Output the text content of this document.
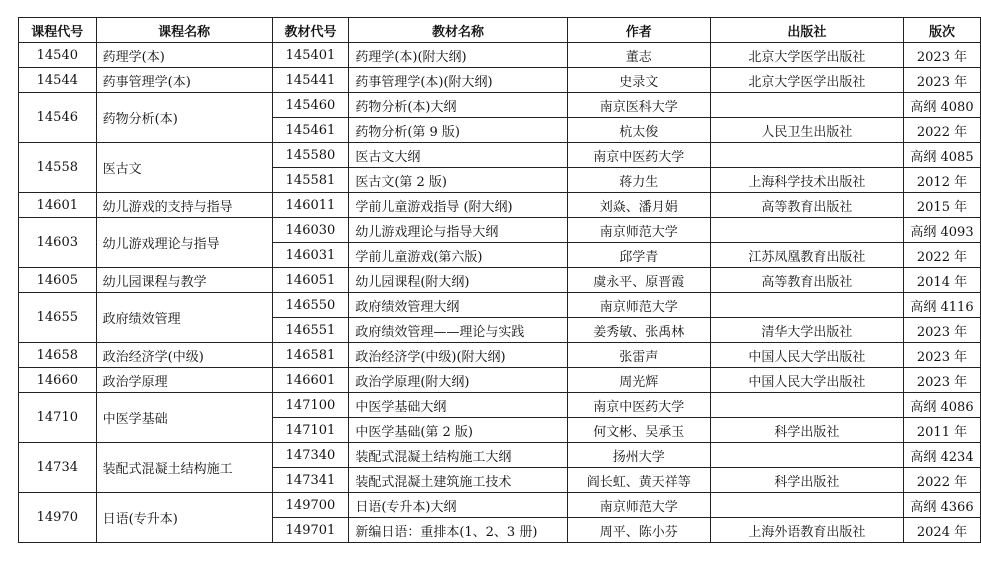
课程代号	课程名称	教材代号	教材名称	作者	出版社	版次
14540	药理学(本)	145401	药理学(本)(附大纲)	董志	北京大学医学出版社	2023 年
14544	药事管理学(本)	145441	药事管理学(本)(附大纲)	史录文	北京大学医学出版社	2023 年
14546	药物分析(本)	145460	药物分析(本)大纲	南京医科大学		高纲 4080
		145461	药物分析(第 9 版)	杭太俊	人民卫生出版社	2022 年
14558	医古文	145580	医古文大纲	南京中医药大学		高纲 4085
		145581	医古文(第 2 版)	蒋力生	上海科学技术出版社	2012 年
14601	幼儿游戏的支持与指导	146011	学前儿童游戏指导 (附大纲)	刘焱、潘月娟	高等教育出版社	2015 年
14603	幼儿游戏理论与指导	146030	幼儿游戏理论与指导大纲	南京师范大学		高纲 4093
		146031	学前儿童游戏(第六版)	邱学青	江苏凤凰教育出版社	2022 年
14605	幼儿园课程与教学	146051	幼儿园课程(附大纲)	虞永平、原晋霞	高等教育出版社	2014 年
14655	政府绩效管理	146550	政府绩效管理大纲	南京师范大学		高纲 4116
		146551	政府绩效管理——理论与实践	姜秀敏、张禹林	清华大学出版社	2023 年
14658	政治经济学(中级)	146581	政治经济学(中级)(附大纲)	张雷声	中国人民大学出版社	2023 年
14660	政治学原理	146601	政治学原理(附大纲)	周光辉	中国人民大学出版社	2023 年
14710	中医学基础	147100	中医学基础大纲	南京中医药大学		高纲 4086
		147101	中医学基础(第 2 版)	何文彬、吴承玉	科学出版社	2011 年
14734	装配式混凝土结构施工	147340	装配式混凝土结构施工大纲	扬州大学		高纲 4234
		147341	装配式混凝土建筑施工技术	阎长虹、黄天祥等	科学出版社	2022 年
14970	日语(专升本)	149700	日语(专升本)大纲	南京师范大学		高纲 4366
		149701	新编日语：重排本(1、2、3 册)	周平、陈小芬	上海外语教育出版社	2024 年
